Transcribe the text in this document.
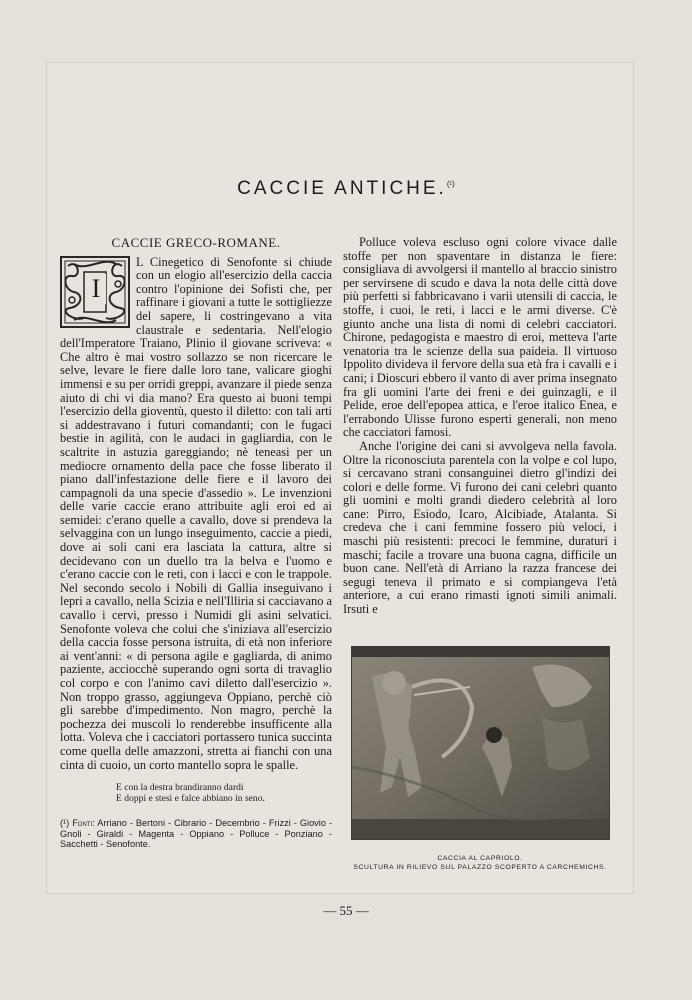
CACCIE ANTICHE.$^{(^1)}$
CACCIE GRECO-ROMANE.
I

L Cinegetico di Senofonte si chiude con un elogio all'esercizio della caccia contro l'opinione dei Sofisti che, per raffinare i giovani a tutte le sottigliezze del sapere, li costringevano a vita claustrale e sedentaria. Nell'elogio dell'Imperatore Traiano, Plinio il giovane scriveva: « Che altro è mai vostro sollazzo se non ricercare le selve, levare le fiere dalle loro tane, valicare gioghi immensi e su per orridi greppi, avanzare il piede senza aiuto di chi vi dia mano? Era questo ai buoni tempi l'esercizio della gioventù, questo il diletto: con tali arti si addestravano i futuri comandanti; con le fugaci bestie in agilità, con le audaci in gagliardia, con le scaltrite in astuzia gareggiando; nè teneasi per un mediocre ornamento della pace che fosse liberato il piano dall'infestazione delle fiere e il lavoro dei campagnoli da una specie d'assedio ». Le invenzioni delle varie caccie erano attribuite agli eroi ed ai semidei: c'erano quelle a cavallo, dove si prendeva la selvaggina con un lungo inseguimento, caccie a piedi, dove ai soli cani era lasciata la cattura, altre si decidevano con un duello tra la belva e l'uomo e c'erano caccie con le reti, con i lacci e con le trappole. Nel secondo secolo i Nobili di Gallia inseguivano i lepri a cavallo, nella Scizia e nell'Illiria si cacciavano a cavallo i cervi, presso i Numidi gli asini selvatici. Senofonte voleva che colui che s'iniziava all'esercizio della caccia fosse persona istruita, di età non inferiore ai vent'anni: « di persona agile e gagliarda, di animo paziente, acciocchè superando ogni sorta di travaglio col corpo e con l'animo cavi diletto dall'esercizio ». Non troppo grasso, aggiungeva Oppiano, perchè ciò gli sarebbe d'impedimento. Non magro, perchè la pochezza dei muscoli lo renderebbe insufficente alla lotta. Voleva che i cacciatori portassero tunica succinta come quella delle amazzoni, stretta ai fianchi con una cinta di cuoio, un corto mantello sopra le spalle.

E con la destra brandiranno dardi
E doppi e stesi e falce abbiano in seno.
(¹) Fonti: Arriano - Bertoni - Cibrario - Decembrio - Frizzi - Giovio - Gnoli - Giraldi - Magenta - Oppiano - Polluce - Ponziano - Sacchetti - Senofonte.

Polluce voleva escluso ogni colore vivace dalle stoffe per non spaventare in distanza le fiere: consigliava di avvolgersi il mantello al braccio sinistro per servirsene di scudo e dava la nota delle città dove più perfetti si fabbricavano i varii utensili di caccia, le stoffe, i cuoi, le reti, i lacci e le armi diverse. C'è giunto anche una lista di nomi di celebri cacciatori. Chirone, pedagogista e maestro di eroi, metteva l'arte venatoria tra le scienze della sua paideia. Il virtuoso Ippolito divideva il fervore della sua età fra i cavalli e i cani; i Dioscuri ebbero il vanto di aver prima insegnato fra gli uomini l'arte dei freni e dei guinzagli, e il Pelide, eroe dell'epopea attica, e l'eroe italico Enea, e l'errabondo Ulisse furono esperti generali, non meno che cacciatori famosi.

Anche l'origine dei cani si avvolgeva nella favola. Oltre la riconosciuta parentela con la volpe e col lupo, si cercavano strani consanguinei dietro gl'indizi dei colori e delle forme. Vi furono dei cani celebri quanto gli uomini e molti grandi diedero celebrità al loro cane: Pirro, Esiodo, Icaro, Alcibiade, Atalanta. Si credeva che i cani femmine fossero più veloci, i maschi più resistenti: precoci le femmine, duraturi i maschi; facile a trovare una buona cagna, difficile un buon cane. Nell'età di Arriano la razza francese dei segugi teneva il primato e si compiangeva l'età anteriore, a cui erano rimasti ignoti simili animali. Irsuti e

CACCIA AL CAPRIOLO.
SCULTURA IN RILIEVO SUL PALAZZO SCOPERTO A CARCHEMICHS.
— 55 —
